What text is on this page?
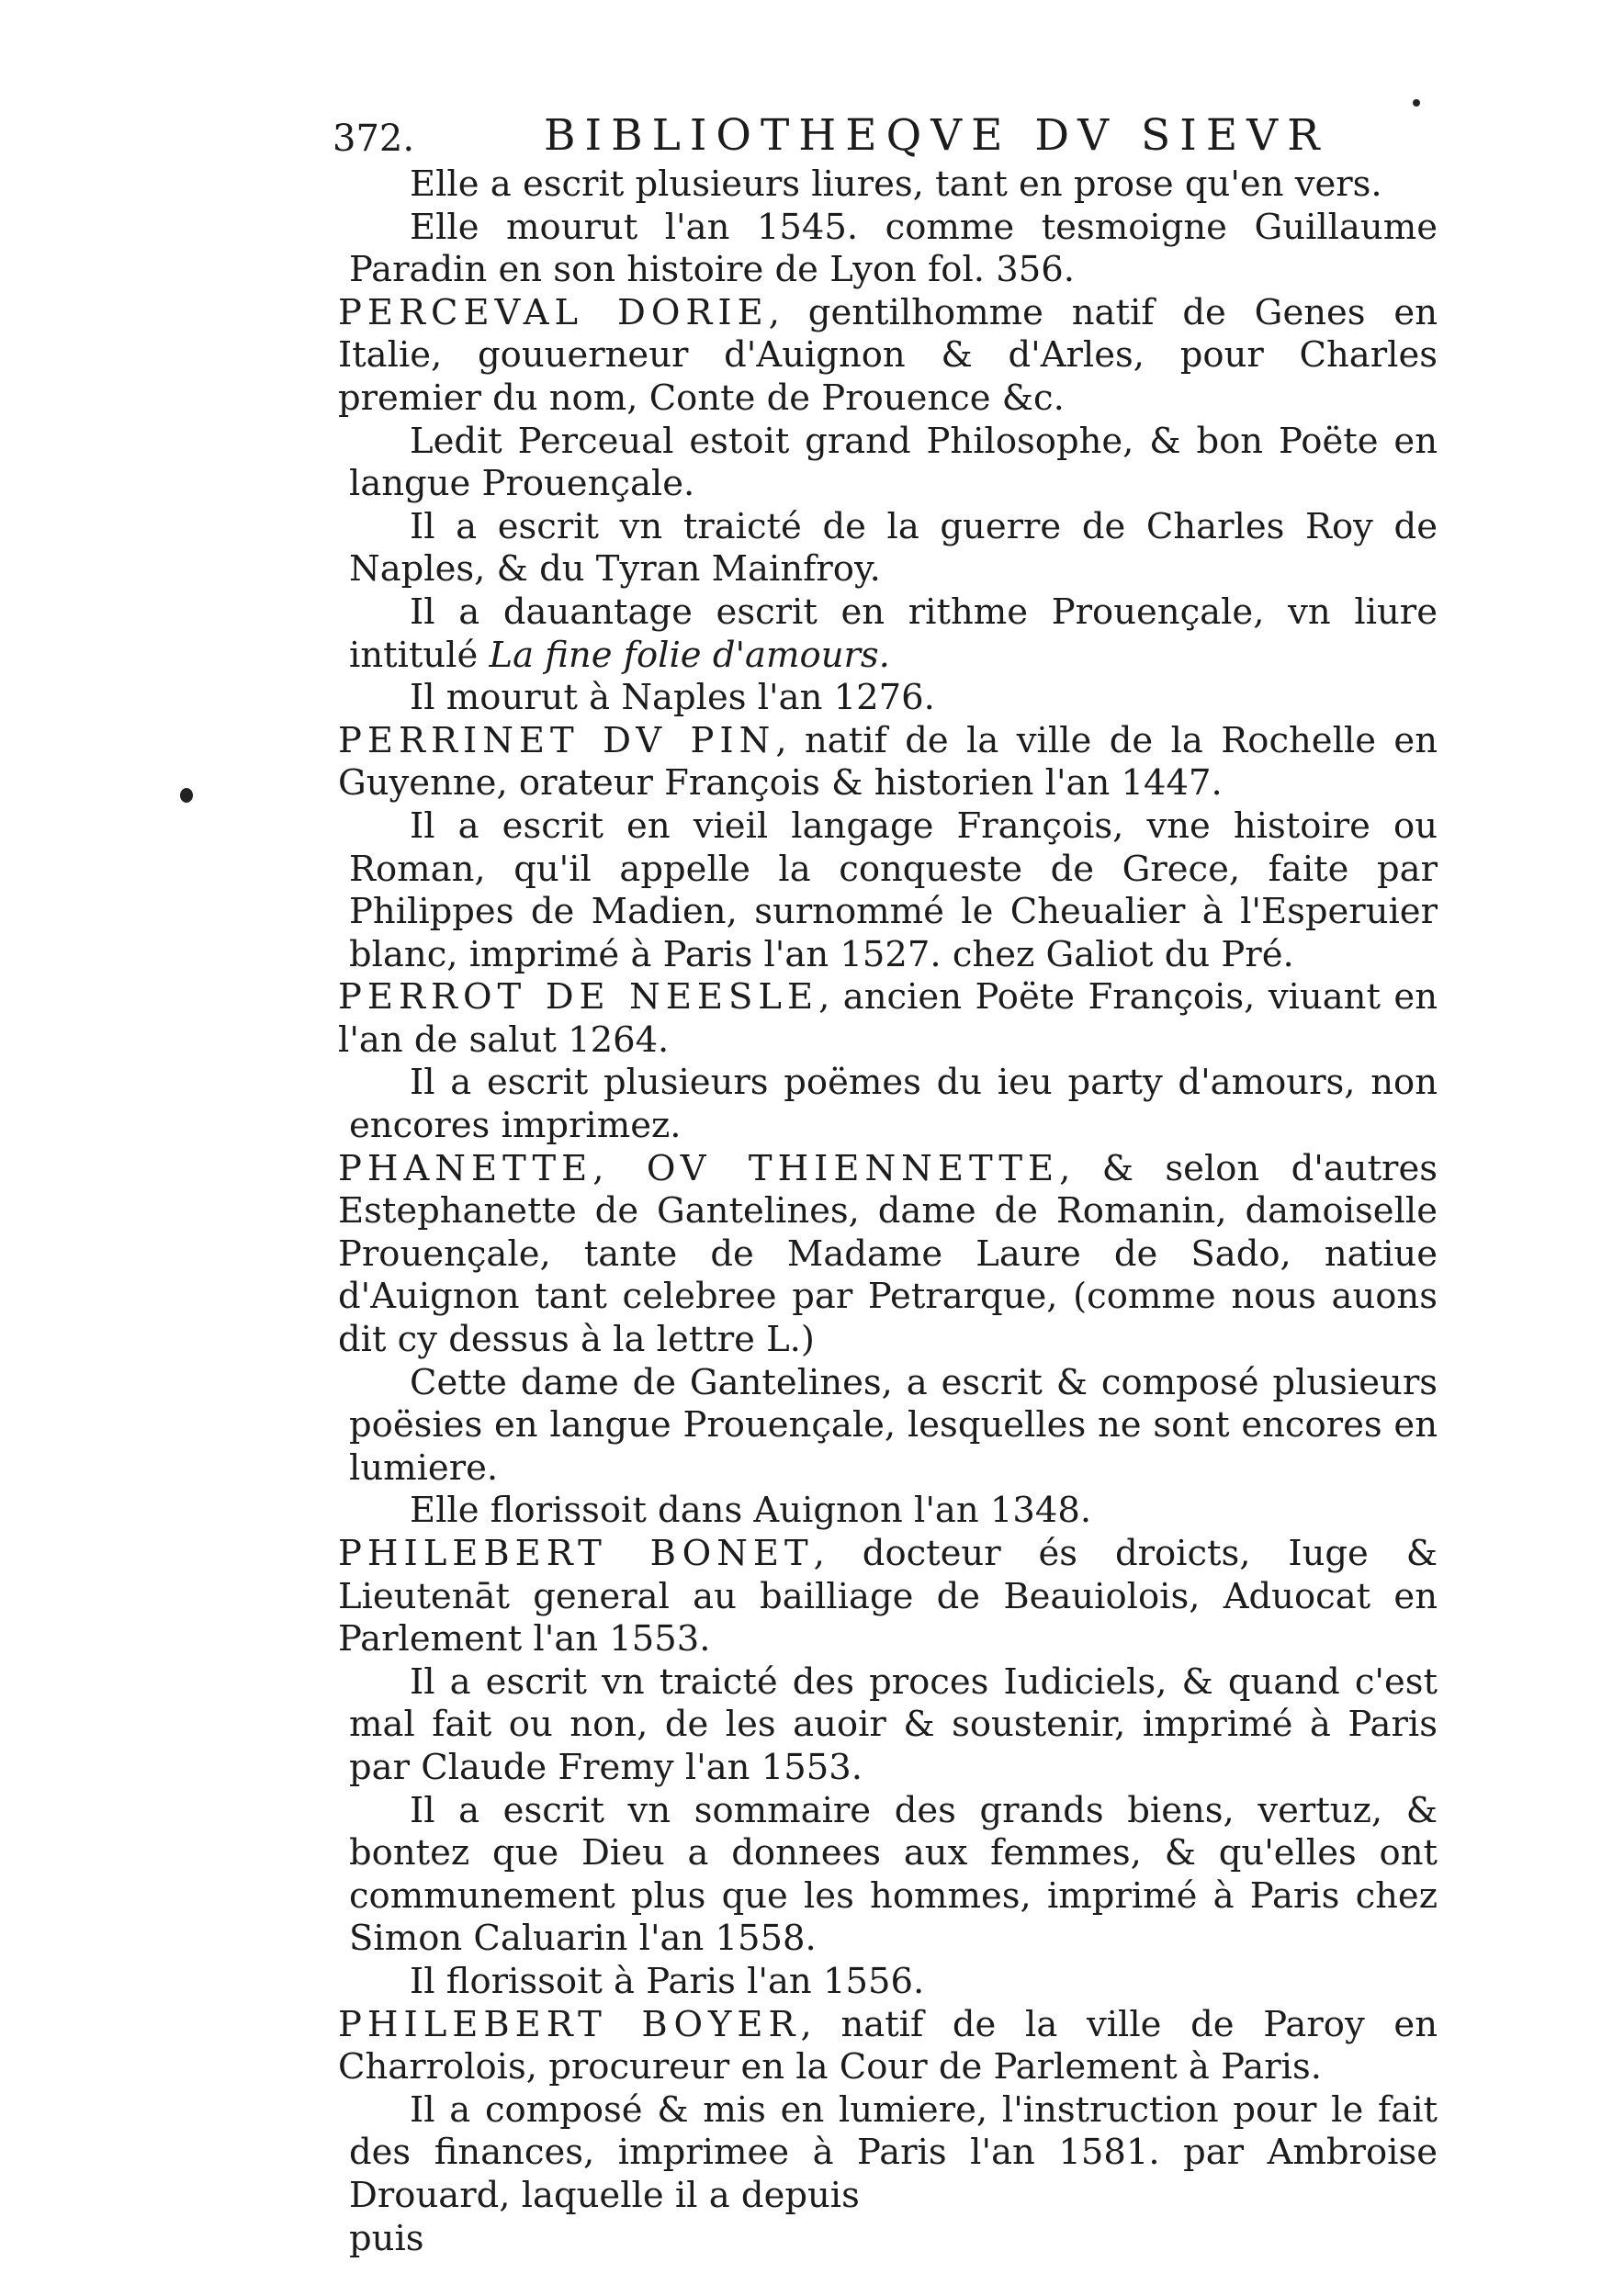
372.	BIBLIOTHEQVE DV SIEVR

Elle a escrit plusieurs liures, tant en prose qu'en vers.

Elle mourut l'an 1545. comme tesmoigne Guillaume Paradin en son histoire de Lyon fol. 356.

PERCEVAL DORIE, gentilhomme natif de Genes en Italie, gouuerneur d'Auignon & d'Arles, pour Charles premier du nom, Conte de Prouence &c.

Ledit Perceual estoit grand Philosophe, & bon Poëte en langue Prouençale.

Il a escrit vn traicté de la guerre de Charles Roy de Naples, & du Tyran Mainfroy.

Il a dauantage escrit en rithme Prouençale, vn liure intitulé La fine folie d'amours.

Il mourut à Naples l'an 1276.

PERRINET DV PIN, natif de la ville de la Rochelle en Guyenne, orateur François & historien l'an 1447.

Il a escrit en vieil langage François, vne histoire ou Roman, qu'il appelle la conqueste de Grece, faite par Philippes de Madien, surnommé le Cheualier à l'Esperuier blanc, imprimé à Paris l'an 1527. chez Galiot du Pré.

PERROT DE NEESLE, ancien Poëte François, viuant en l'an de salut 1264.

Il a escrit plusieurs poëmes du ieu party d'amours, non encores imprimez.

PHANETTE, OV THIENNETTE, & selon d'autres Estephanette de Gantelines, dame de Romanin, damoiselle Prouençale, tante de Madame Laure de Sado, natiue d'Auignon tant celebree par Petrarque, (comme nous auons dit cy dessus à la lettre L.)

Cette dame de Gantelines, a escrit & composé plusieurs poësies en langue Prouençale, lesquelles ne sont encores en lumiere.

Elle florissoit dans Auignon l'an 1348.

PHILEBERT BONET, docteur és droicts, Iuge & Lieutenāt general au bailliage de Beauiolois, Aduocat en Parlement l'an 1553.

Il a escrit vn traicté des proces Iudiciels, & quand c'est mal fait ou non, de les auoir & soustenir, imprimé à Paris par Claude Fremy l'an 1553.

Il a escrit vn sommaire des grands biens, vertuz, & bontez que Dieu a donnees aux femmes, & qu'elles ont communement plus que les hommes, imprimé à Paris chez Simon Caluarin l'an 1558.

Il florissoit à Paris l'an 1556.

PHILEBERT BOYER, natif de la ville de Paroy en Charrolois, procureur en la Cour de Parlement à Paris.

Il a composé & mis en lumiere, l'instruction pour le fait des finances, imprimee à Paris l'an 1581. par Ambroise Drouard, laquelle il a depuis

puis
